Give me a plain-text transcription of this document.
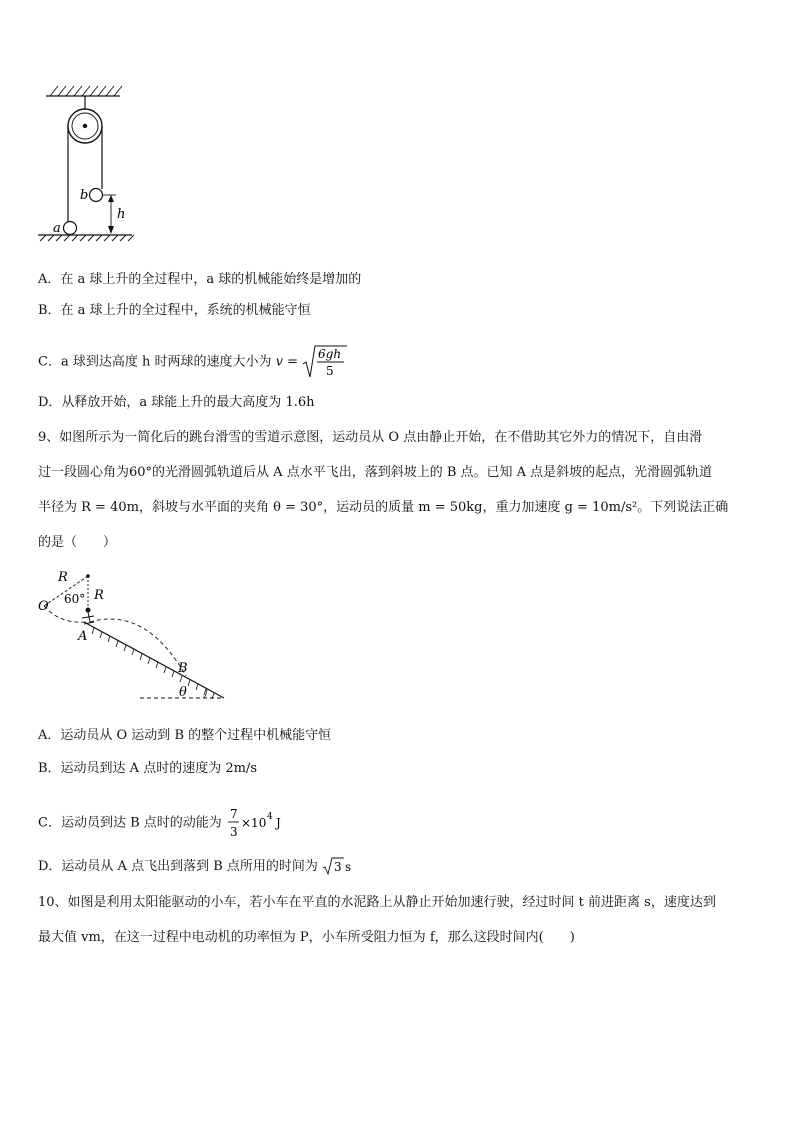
a
b
h
A．在 a 球上升的全过程中，a 球的机械能始终是增加的
B．在 a 球上升的全过程中，系统的机械能守恒
C．a 球到达高度 h 时两球的速度大小为 v =
6gh
5
D．从释放开始，a 球能上升的最大高度为 1.6h
9、如图所示为一简化后的跳台滑雪的雪道示意图，运动员从 O 点由静止开始，在不借助其它外力的情况下，自由滑
过一段圆心角为60°的光滑圆弧轨道后从 A 点水平飞出，落到斜坡上的 B 点。已知 A 点是斜坡的起点，光滑圆弧轨道
半径为 R = 40m，斜坡与水平面的夹角 θ = 30°，运动员的质量 m = 50kg，重力加速度 g = 10m/s²。下列说法正确
的是（　　）
R
60° R
O
A
B
θ
A．运动员从 O 运动到 B 的整个过程中机械能守恒
B．运动员到达 A 点时的速度为 2m/s
C．运动员到达 B 点时的动能为
7
3
×10 4 J
D．运动员从 A 点飞出到落到 B 点所用的时间为 3 s
10、如图是利用太阳能驱动的小车，若小车在平直的水泥路上从静止开始加速行驶，经过时间 t 前进距离 s，速度达到
最大值 vm，在这一过程中电动机的功率恒为 P，小车所受阻力恒为 f，那么这段时间内(　　)
